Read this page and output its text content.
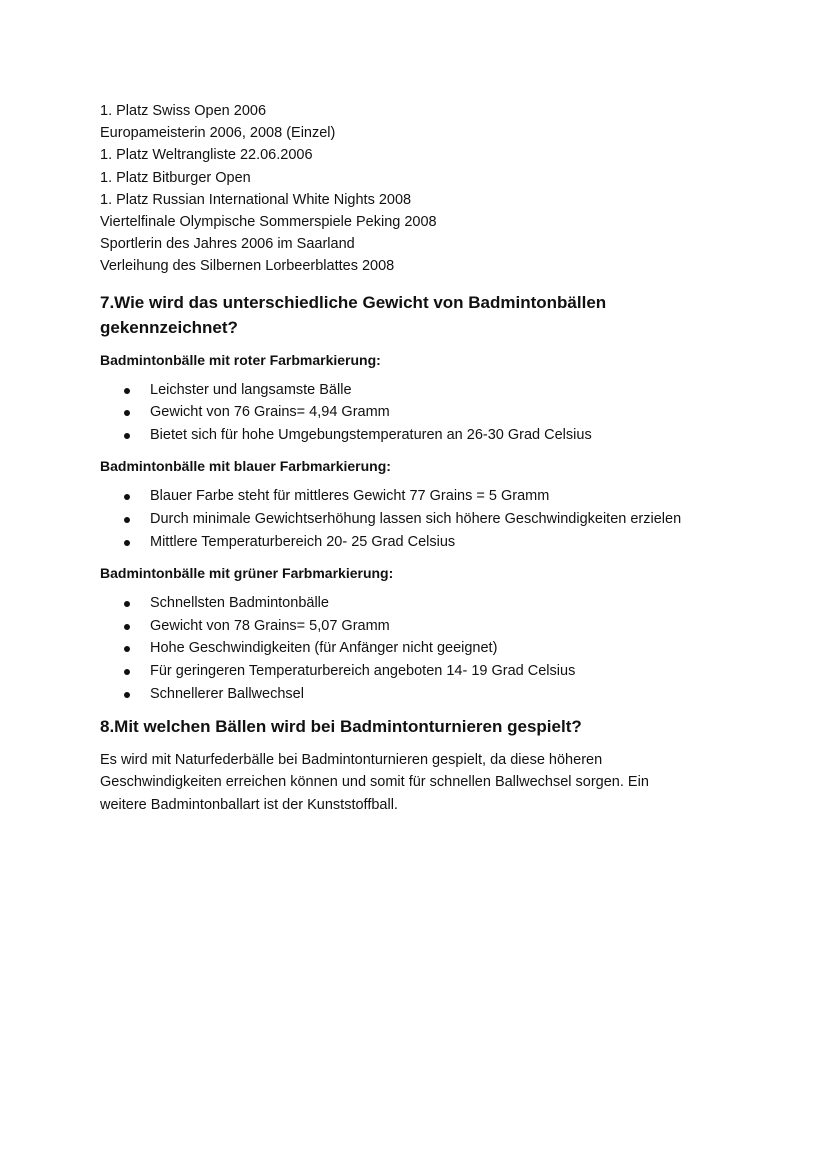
1. Platz Swiss Open 2006
Europameisterin 2006, 2008 (Einzel)
1. Platz Weltrangliste 22.06.2006
1. Platz Bitburger Open
1. Platz Russian International White Nights 2008
Viertelfinale Olympische Sommerspiele Peking 2008
Sportlerin des Jahres 2006 im Saarland
Verleihung des Silbernen Lorbeerblattes 2008
7.Wie wird das unterschiedliche Gewicht von Badmintonbällen
gekennzeichnet?
Badmintonbälle mit roter Farbmarkierung:
Leichster und langsamste Bälle
Gewicht von 76 Grains= 4,94 Gramm
Bietet sich für hohe Umgebungstemperaturen an 26-30 Grad Celsius
Badmintonbälle mit blauer Farbmarkierung:
Blauer Farbe steht für mittleres Gewicht 77 Grains = 5 Gramm
Durch minimale Gewichtserhöhung lassen sich höhere Geschwindigkeiten erzielen
Mittlere Temperaturbereich 20- 25 Grad Celsius
Badmintonbälle mit grüner Farbmarkierung:
Schnellsten Badmintonbälle
Gewicht von 78 Grains= 5,07 Gramm
Hohe Geschwindigkeiten (für Anfänger nicht geeignet)
Für geringeren Temperaturbereich angeboten 14- 19 Grad Celsius
Schnellerer Ballwechsel
8.Mit welchen Bällen wird bei Badmintonturnieren gespielt?
Es wird mit Naturfederbälle bei Badmintonturnieren gespielt, da diese höheren
Geschwindigkeiten erreichen können und somit für schnellen Ballwechsel sorgen. Ein
weitere Badmintonballart ist der Kunststoffball.
